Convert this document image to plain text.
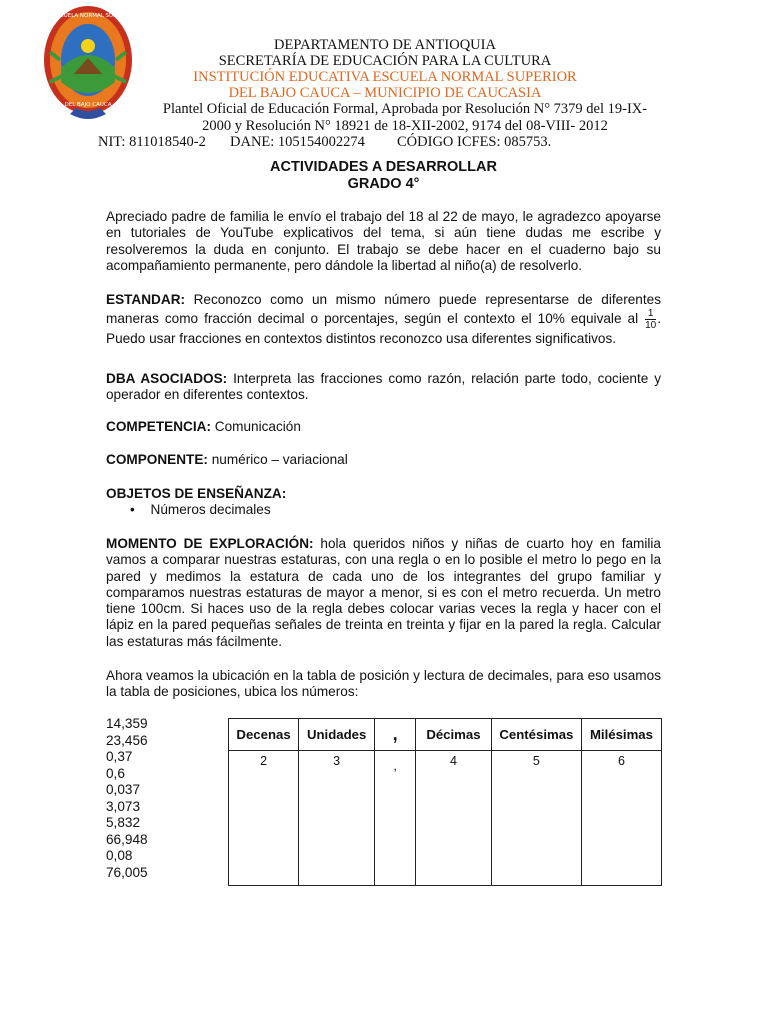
I.E. ESCUELA NORMAL SUPERIOR
DEL BAJO CAUCA
DEPARTAMENTO DE ANTIOQUIA
SECRETARÍA DE EDUCACIÓN PARA LA CULTURA
INSTITUCIÓN EDUCATIVA ESCUELA NORMAL SUPERIOR
DEL BAJO CAUCA – MUNICIPIO DE CAUCASIA
Plantel Oficial de Educación Formal, Aprobada por Resolución N° 7379 del 19-IX-
2000 y Resolución N° 18921 de 18-XII-2002, 9174 del 08-VIII- 2012
NIT: 811018540-2 DANE: 105154002274 CÓDIGO ICFES: 085753.
ACTIVIDADES A DESARROLLAR
GRADO 4°
Apreciado padre de familia le envío el trabajo del 18 al 22 de mayo, le agradezco apoyarse en tutoriales de YouTube explicativos del tema, si aún tiene dudas me escribe y resolveremos la duda en conjunto. El trabajo se debe hacer en el cuaderno bajo su acompañamiento permanente, pero dándole la libertad al niño(a) de resolverlo.
ESTANDAR: Reconozco como un mismo número puede representarse de diferentes maneras como fracción decimal o porcentajes, según el contexto el 10% equivale al $\frac{1}{10}$ . Puedo usar fracciones en contextos distintos reconozco usa diferentes significativos.
DBA ASOCIADOS: Interpreta las fracciones como razón, relación parte todo, cociente y operador en diferentes contextos.
COMPETENCIA: Comunicación
COMPONENTE: numérico – variacional
OBJETOS DE ENSEÑANZA:
• Números decimales
MOMENTO DE EXPLORACIÓN: hola queridos niños y niñas de cuarto hoy en familia vamos a comparar nuestras estaturas, con una regla o en lo posible el metro lo pego en la pared y medimos la estatura de cada uno de los integrantes del grupo familiar y comparamos nuestras estaturas de mayor a menor, si es con el metro recuerda. Un metro tiene 100cm. Si haces uso de la regla debes colocar varias veces la regla y hacer con el lápiz en la pared pequeñas señales de treinta en treinta y fijar en la pared la regla. Calcular las estaturas más fácilmente.
Ahora veamos la ubicación en la tabla de posición y lectura de decimales, para eso usamos la tabla de posiciones, ubica los números:
14,359
23,456
0,37
0,6
0,037
3,073
5,832
66,948
0,08
76,005
Decenas	Unidades	,	Décimas	Centésimas	Milésimas
2	3	,	4	5	6
